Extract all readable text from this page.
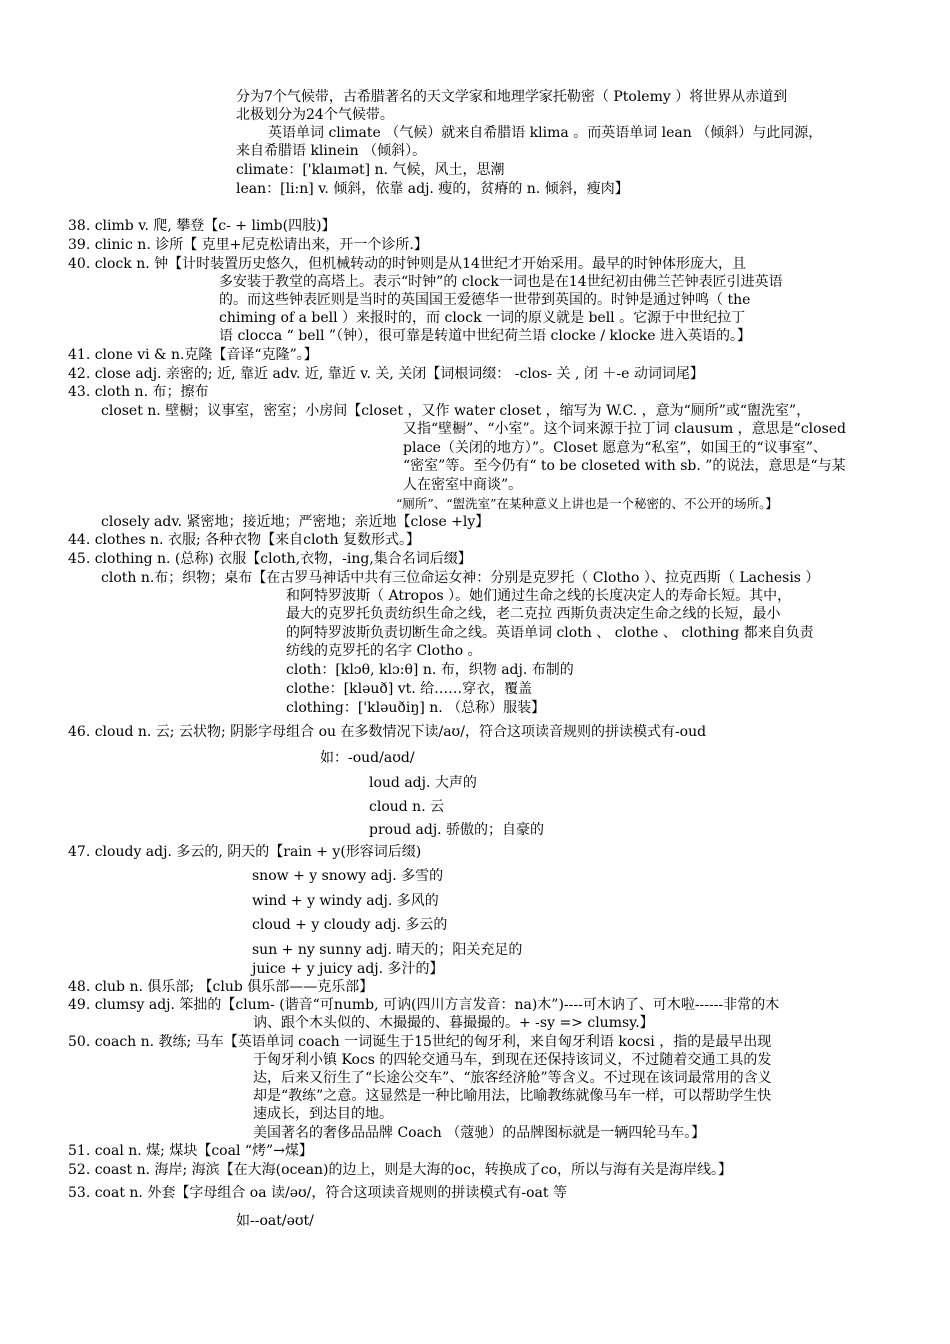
分为7个气候带，古希腊著名的天文学家和地理学家托勒密（ Ptolemy ）将世界从赤道到
北极划分为24个气候带。
英语单词 climate （气候）就来自希腊语 klima 。而英语单词 lean （倾斜）与此同源，
来自希腊语 klinein （倾斜）。
climate：['klaımət] n. 气候，风土，思潮
lean：[li:n] v. 倾斜，依靠 adj. 瘦的，贫瘠的 n. 倾斜，瘦肉】
38. climb v. 爬, 攀登【c- + limb(四肢)】
39. clinic n. 诊所【 克里+尼克松请出来，开一个诊所.】
40. clock n. 钟【计时装置历史悠久，但机械转动的时钟则是从14世纪才开始采用。最早的时钟体形庞大，且
多安装于教堂的高塔上。表示“时钟”的 clock一词也是在14世纪初由佛兰芒钟表匠引进英语
的。而这些钟表匠则是当时的英国国王爱德华一世带到英国的。时钟是通过钟鸣（ the
chiming of a bell ）来报时的，而 clock 一词的原义就是 bell 。它源于中世纪拉丁
语 clocca “ bell ”（钟），很可靠是转道中世纪荷兰语 clocke / klocke 进入英语的。】
41. clone vi & n.克隆【音译“克隆”。】
42. close adj. 亲密的; 近, 靠近 adv. 近, 靠近 v. 关, 关闭【词根词缀： -clos- 关 , 闭 ＋-e 动词词尾】
43. cloth n. 布；擦布
closet n. 壁橱；议事室，密室；小房间【closet ，又作 water closet ，缩写为 W.C. ，意为“厕所”或“盥洗室”，
又指“壁橱”、“小室”。这个词来源于拉丁词 clausum ，意思是“closed
place（关闭的地方）”。Closet 愿意为“私室”，如国王的“议事室”、
“密室”等。至今仍有“ to be closeted with sb. ”的说法，意思是“与某
人在密室中商谈”。
“厕所”、“盥洗室”在某种意义上讲也是一个秘密的、不公开的场所。】
closely adv. 紧密地；接近地；严密地；亲近地【close +ly】
44. clothes n. 衣服; 各种衣物【来自cloth 复数形式。】
45. clothing n. (总称) 衣服【cloth,衣物，-ing,集合名词后缀】
cloth n.布；织物；桌布【在古罗马神话中共有三位命运女神：分别是克罗托（ Clotho ）、拉克西斯（ Lachesis ）
和阿特罗波斯（ Atropos ）。她们通过生命之线的长度决定人的寿命长短。其中，
最大的克罗托负责纺织生命之线，老二克拉 西斯负责决定生命之线的长短，最小
的阿特罗波斯负责切断生命之线。英语单词 cloth 、 clothe 、 clothing 都来自负责
纺线的克罗托的名字 Clotho 。
cloth：[klɔθ, klɔ:θ] n. 布，织物 adj. 布制的
clothe：[kləuð] vt. 给……穿衣，覆盖
clothing：['kləuðiŋ] n. （总称）服装】
46. cloud n. 云; 云状物; 阴影字母组合 ou 在多数情况下读/aʊ/，符合这项读音规则的拼读模式有-oud
如：-oud/aʊd/
loud adj. 大声的
cloud n. 云
proud adj. 骄傲的；自豪的
47. cloudy adj. 多云的, 阴天的【rain + y(形容词后缀)
snow + y snowy adj. 多雪的
wind + y windy adj. 多风的
cloud + y cloudy adj. 多云的
sun + ny sunny adj. 晴天的；阳关充足的
juice + y juicy adj. 多汁的】
48. club n. 俱乐部; 【club 俱乐部——克乐部】
49. clumsy adj. 笨拙的【clum- (谐音“可numb, 可讷(四川方言发音：na)木”)----可木讷了、可木啦------非常的木
讷、跟个木头似的、木撮撮的、暮撮撮的。+ -sy => clumsy.】
50. coach n. 教练; 马车【英语单词 coach 一词诞生于15世纪的匈牙利，来自匈牙利语 kocsi ，指的是最早出现
于匈牙利小镇 Kocs 的四轮交通马车，到现在还保持该词义，不过随着交通工具的发
达，后来又衍生了“长途公交车”、“旅客经济舱”等含义。不过现在该词最常用的含义
却是“教练”之意。这显然是一种比喻用法，比喻教练就像马车一样，可以帮助学生快
速成长，到达目的地。
美国著名的奢侈品品牌 Coach （蔻驰）的品牌图标就是一辆四轮马车。】
51. coal n. 煤; 煤块【coal “烤”→煤】
52. coast n. 海岸; 海滨【在大海(ocean)的边上，则是大海的oc，转换成了co，所以与海有关是海岸线。】
53. coat n. 外套【字母组合 oa 读/əʊ/，符合这项读音规则的拼读模式有-oat 等
如--oat/əʊt/
